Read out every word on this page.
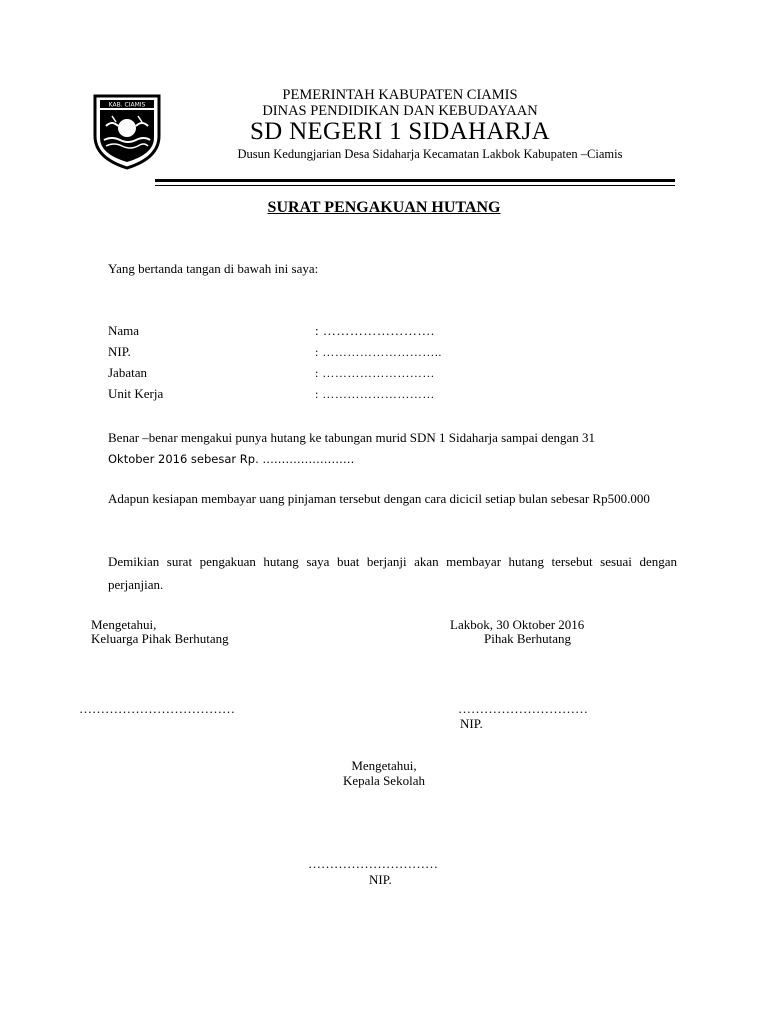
KAB. CIAMIS
PEMERINTAH KABUPATEN CIAMIS
DINAS PENDIDIKAN DAN KEBUDAYAAN
SD NEGERI 1 SIDAHARJA
Dusun Kedungjarian Desa Sidaharja Kecamatan Lakbok Kabupaten –Ciamis
SURAT PENGAKUAN HUTANG
Yang bertanda tangan di bawah ini saya:
Nama	: …………………….
NIP.	: ………………………..
Jabatan	: ………………………
Unit Kerja	: ………………………
Benar –benar mengakui punya hutang ke tabungan murid SDN 1 Sidaharja sampai dengan 31
Oktober 2016 sebesar Rp. ……………………
Adapun kesiapan membayar uang pinjaman tersebut dengan cara dicicil setiap bulan sebesar Rp500.000
Demikian surat pengakuan hutang saya buat berjanji akan membayar hutang tersebut sesuai dengan perjanjian.
Mengetahui,
Keluarga Pihak Berhutang
Lakbok, 30 Oktober 2016
Pihak Berhutang
………………………………	…………………………
NIP.
Mengetahui,
Kepala Sekolah
…………………………
NIP.
